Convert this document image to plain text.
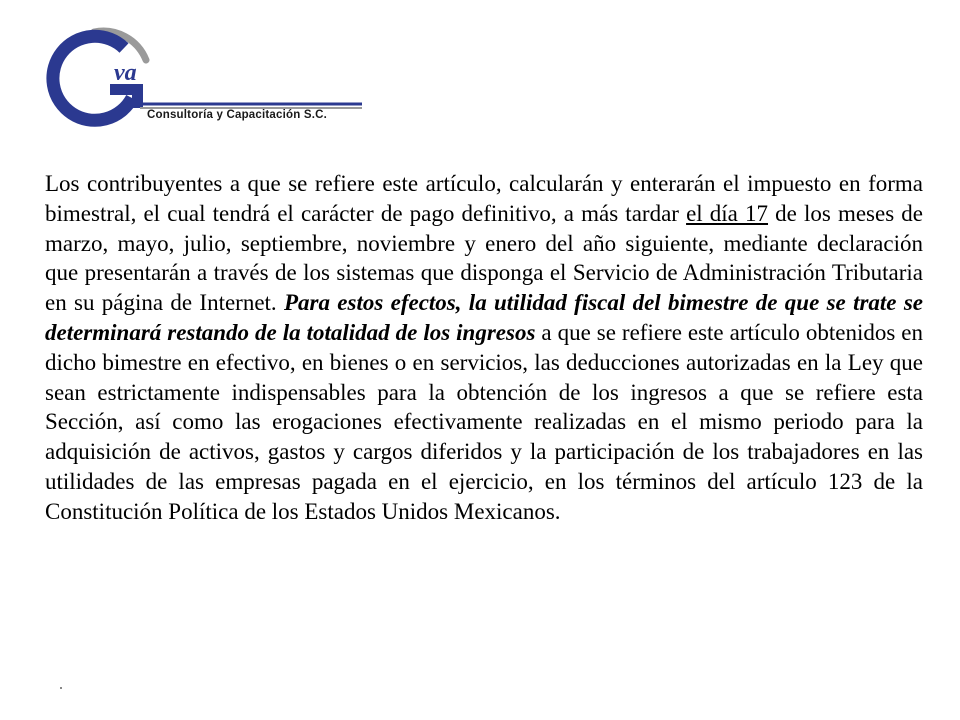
va
Consultoría y Capacitación S.C.

Los contribuyentes a que se refiere este artículo, calcularán y enterarán el impuesto en forma bimestral, el cual tendrá el carácter de pago definitivo, a más tardar el día 17 de los meses de marzo, mayo, julio, septiembre, noviembre y enero del año siguiente, mediante declaración que presentarán a través de los sistemas que disponga el Servicio de Administración Tributaria en su página de Internet. Para estos efectos, la utilidad fiscal del bimestre de que se trate se determinará restando de la totalidad de los ingresos a que se refiere este artículo obtenidos en dicho bimestre en efectivo, en bienes o en servicios, las deducciones autorizadas en la Ley que sean estrictamente indispensables para la obtención de los ingresos a que se refiere esta Sección, así como las erogaciones efectivamente realizadas en el mismo periodo para la adquisición de activos, gastos y cargos diferidos y la participación de los trabajadores en las utilidades de las empresas pagada en el ejercicio, en los términos del artículo 123 de la Constitución Política de los Estados Unidos Mexicanos.
